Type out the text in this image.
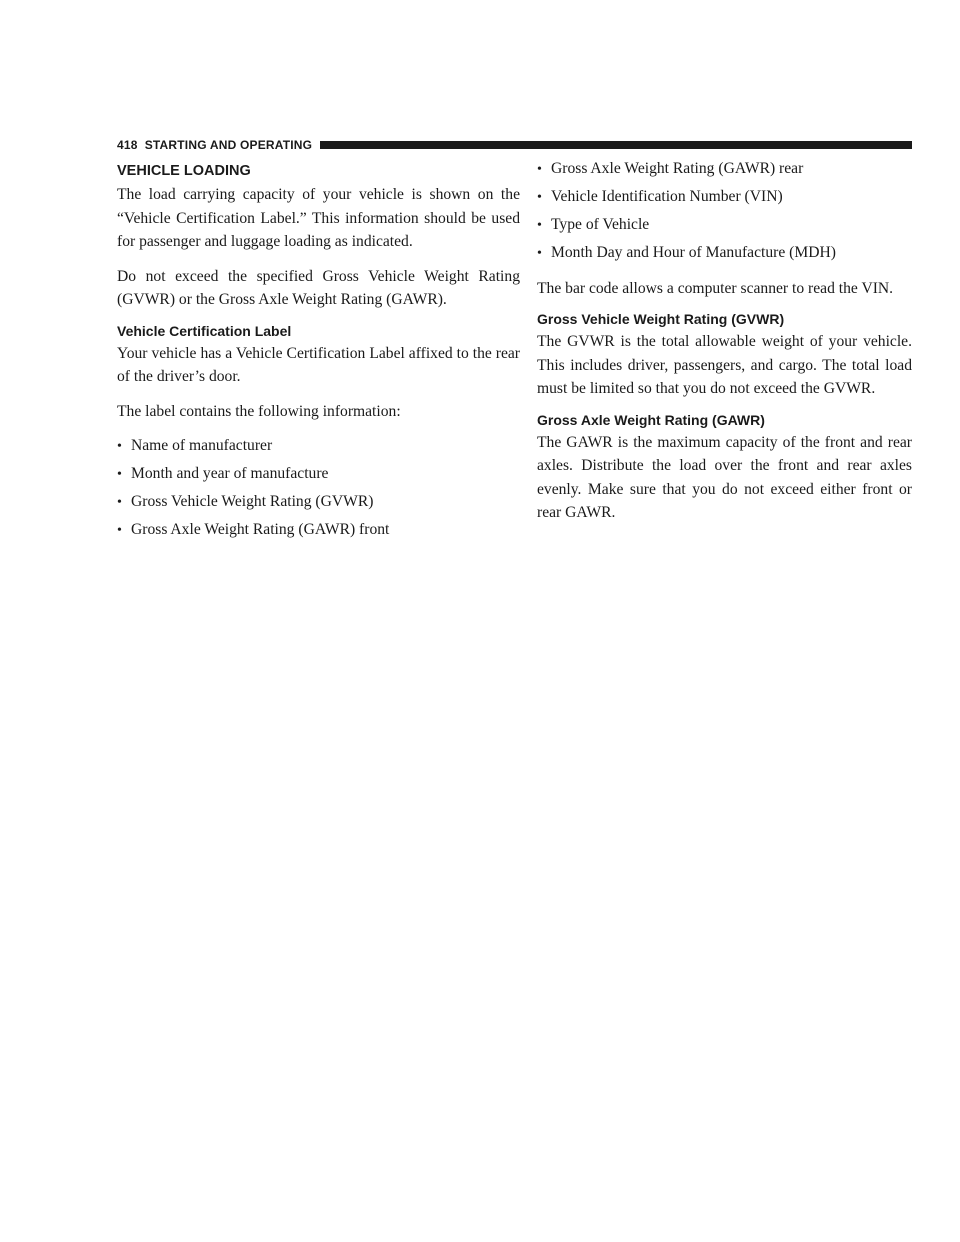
418 STARTING AND OPERATING
VEHICLE LOADING

The load carrying capacity of your vehicle is shown on the “Vehicle Certification Label.” This information should be used for passenger and luggage loading as indicated.

Do not exceed the specified Gross Vehicle Weight Rating (GVWR) or the Gross Axle Weight Rating (GAWR).

Vehicle Certification Label

Your vehicle has a Vehicle Certification Label affixed to the rear of the driver’s door.

The label contains the following information:

• Name of manufacturer
• Month and year of manufacture
• Gross Vehicle Weight Rating (GVWR)
• Gross Axle Weight Rating (GAWR) front
• Gross Axle Weight Rating (GAWR) rear
• Vehicle Identification Number (VIN)
• Type of Vehicle
• Month Day and Hour of Manufacture (MDH)

The bar code allows a computer scanner to read the VIN.

Gross Vehicle Weight Rating (GVWR)

The GVWR is the total allowable weight of your vehicle. This includes driver, passengers, and cargo. The total load must be limited so that you do not exceed the GVWR.

Gross Axle Weight Rating (GAWR)

The GAWR is the maximum capacity of the front and rear axles. Distribute the load over the front and rear axles evenly. Make sure that you do not exceed either front or rear GAWR.
